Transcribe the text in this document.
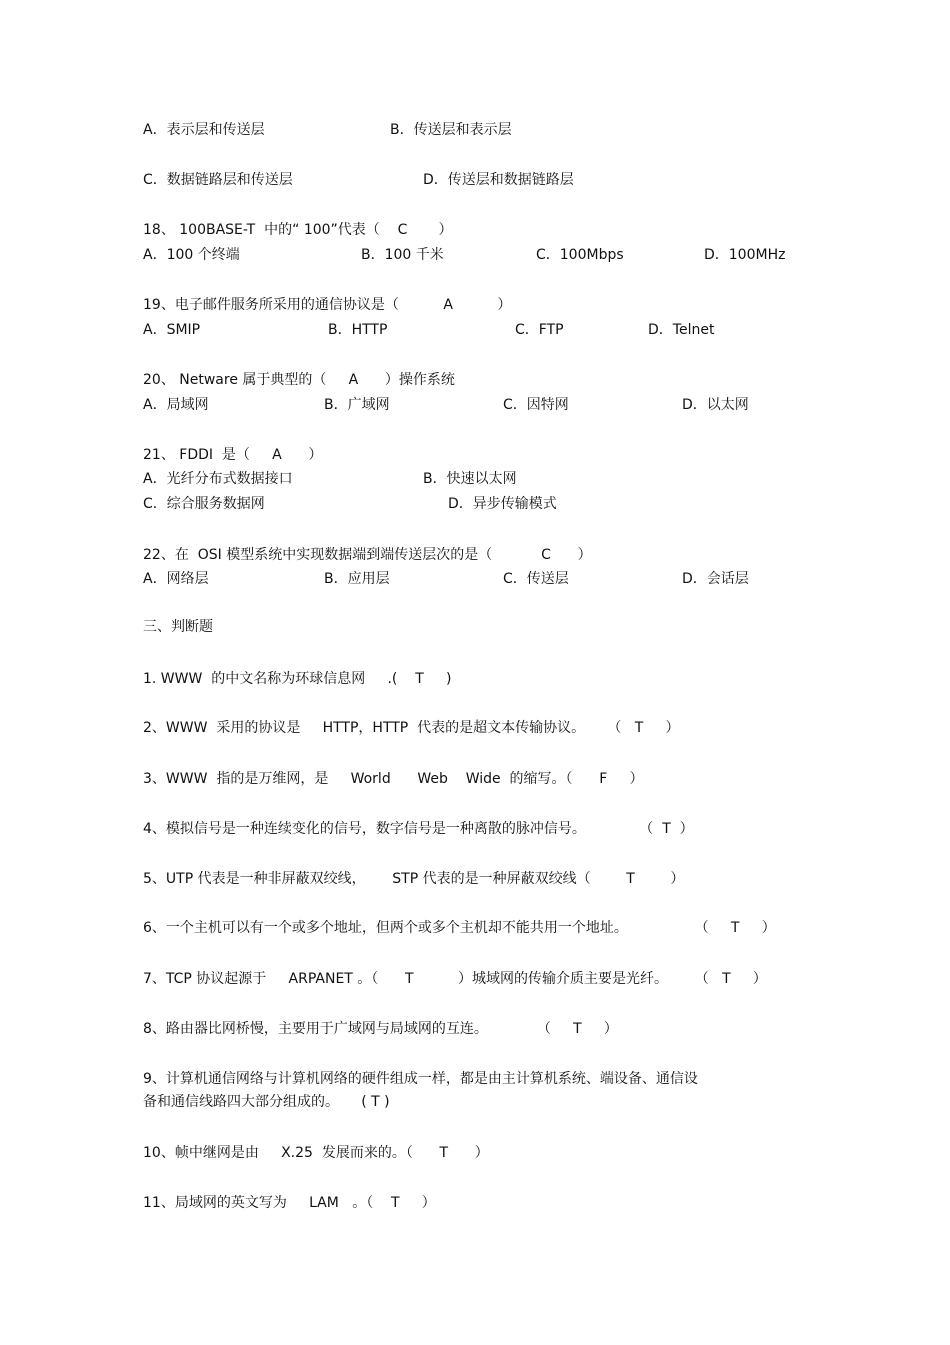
A．表示层和传送层	B．传送层和表示层
C．数据链路层和传送层	D．传送层和数据链路层
18、 100BASE-T  中的“ 100”代表（    C       ）
A．100 个终端	B．100 千米	C．100Mbps	D．100MHz
19、电子邮件服务所采用的通信协议是（          A          ）
A．SMIP	B．HTTP	C．FTP	D．Telnet
20、 Netware 属于典型的（     A      ）操作系统
A．局域网	B．广域网	C．因特网	D．以太网
21、 FDDI  是（     A      ）
A．光纤分布式数据接口	B．快速以太网
C．综合服务数据网	D．异步传输模式
22、在  OSI 模型系统中实现数据端到端传送层次的是（           C      ）
A．网络层	B．应用层	C．传送层	D．会话层
三、判断题
1. WWW  的中文名称为环球信息网     .(    T     )
2、WWW  采用的协议是     HTTP，HTTP  代表的是超文本传输协议。     （   T     ）
3、WWW  指的是万维网，是     World      Web    Wide  的缩写。（      F     ）
4、模拟信号是一种连续变化的信号，数字信号是一种离散的脉冲信号。            （  T  ）
5、UTP 代表是一种非屏蔽双绞线，      STP 代表的是一种屏蔽双绞线（        T        ）
6、一个主机可以有一个或多个地址，但两个或多个主机却不能共用一个地址。               （     T     ）
7、TCP 协议起源于     ARPANET 。（      T          ）城域网的传输介质主要是光纤。      （   T     ）
8、路由器比网桥慢，主要用于广域网与局域网的互连。           （     T     ）
9、计算机通信网络与计算机网络的硬件组成一样，都是由主计算机系统、端设备、通信设
备和通信线路四大部分组成的。     ( T )
10、帧中继网是由     X.25  发展而来的。（      T      ）
11、局域网的英文写为     LAM   。（    T     ）
